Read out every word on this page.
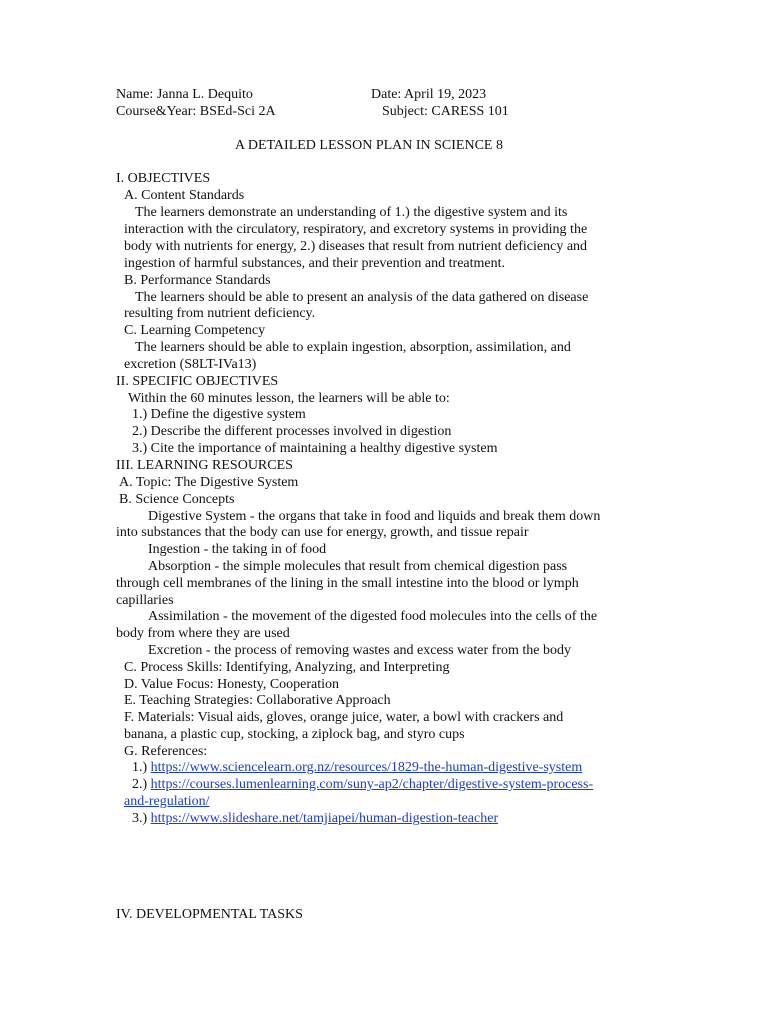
Name: Janna L. Dequito	Date: April 19, 2023
Course&Year: BSEd-Sci 2A	Subject: CARESS 101
A DETAILED LESSON PLAN IN SCIENCE 8
I. OBJECTIVES
A. Content Standards
The learners demonstrate an understanding of 1.) the digestive system and its
interaction with the circulatory, respiratory, and excretory systems in providing the
body with nutrients for energy, 2.) diseases that result from nutrient deficiency and
ingestion of harmful substances, and their prevention and treatment.
B. Performance Standards
The learners should be able to present an analysis of the data gathered on disease
resulting from nutrient deficiency.
C. Learning Competency
The learners should be able to explain ingestion, absorption, assimilation, and
excretion (S8LT-IVa13)
II. SPECIFIC OBJECTIVES
Within the 60 minutes lesson, the learners will be able to:
1.) Define the digestive system
2.) Describe the different processes involved in digestion
3.) Cite the importance of maintaining a healthy digestive system
III. LEARNING RESOURCES
A. Topic: The Digestive System
B. Science Concepts
Digestive System - the organs that take in food and liquids and break them down
into substances that the body can use for energy, growth, and tissue repair
Ingestion - the taking in of food
Absorption - the simple molecules that result from chemical digestion pass
through cell membranes of the lining in the small intestine into the blood or lymph
capillaries
Assimilation - the movement of the digested food molecules into the cells of the
body from where they are used
Excretion - the process of removing wastes and excess water from the body
C. Process Skills: Identifying, Analyzing, and Interpreting
D. Value Focus: Honesty, Cooperation
E. Teaching Strategies: Collaborative Approach
F. Materials: Visual aids, gloves, orange juice, water, a bowl with crackers and
banana, a plastic cup, stocking, a ziplock bag, and styro cups
G. References:
1.) https://www.sciencelearn.org.nz/resources/1829-the-human-digestive-system
2.) https://courses.lumenlearning.com/suny-ap2/chapter/digestive-system-process-
and-regulation/
3.) https://www.slideshare.net/tamjiapei/human-digestion-teacher
IV. DEVELOPMENTAL TASKS
